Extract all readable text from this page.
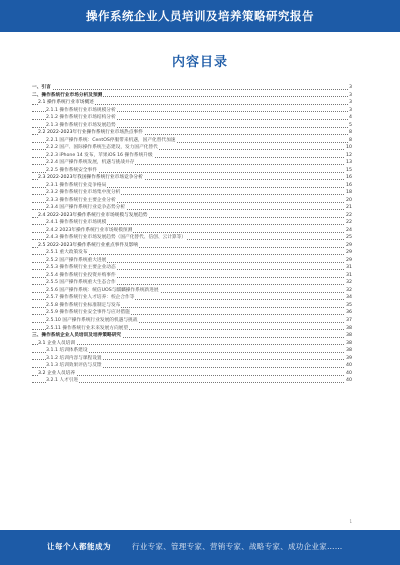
操作系统企业人员培训及培养策略研究报告
内容目录
一、引言	3
二、操作系统行业市场分析及预测	3
2.1 操作系统行业市场概述	3
2.1.1 操作系统行业市场规模分析	3
2.1.2 操作系统行业市场结构分析	4
2.1.3 操作系统行业市场发展趋势	5
2.2 2022-2023年行业操作系统行业市场热点事件	8
2.2.1 国产操作系统：CentOS停服带来机遇，国产化替代加速	8
2.2.2 国产、国际操作系统生态建设，发力国产化替代	10
2.2.3 iPhone 14 发布，苹果iOS 16 操作系统升级	12
2.2.4 国产操作系统发展，机遇与挑战并存	13
2.2.5 操作系统安全事件	15
2.3 2022-2023年我国操作系统行业市场竞争分析	16
2.3.1 操作系统行业竞争格局	16
2.3.2 操作系统行业市场集中度分析	18
2.3.3 操作系统行业主要企业分析	20
2.3.4 国产操作系统行业竞争态势分析	21
2.4 2022-2023年操作系统行业市场规模与发展趋势	22
2.4.1 操作系统行业市场规模	22
2.4.2 2023年操作系统行业市场规模预测	24
2.4.3 操作系统行业市场发展趋势（国产化替代、信创、云计算等）	25
2.5 2022-2023年操作系统行业重点事件及影响	29
2.5.1 重大政策发布	29
2.5.2 国产操作系统重大进展	29
2.5.3 操作系统行业主要企业动态	31
2.5.4 操作系统行业投资并购事件	31
2.5.5 国产操作系统重大生态合作	32
2.5.6 国产操作系统：统信UOS与麒麟操作系统新进展	32
2.5.7 操作系统行业人才培养：校企合作等	34
2.5.8 操作系统行业标准制定与发布	35
2.5.9 操作系统行业安全事件与应对措施	36
2.5.10 国产操作系统行业发展的机遇与挑战	37
2.5.11 操作系统行业未来发展方向展望	38
三、操作系统企业人员培训及培养策略研究	38
3.1 企业人员培训	38
3.1.1 培训体系建设	38
3.1.2 培训内容与课程设置	39
3.1.3 培训效果评估与反馈	40
3.2 企业人员培养	40
3.2.1 人才引进	40
1
让每个人都能成为	行业专家、管理专家、营销专家、战略专家、成功企业家……
